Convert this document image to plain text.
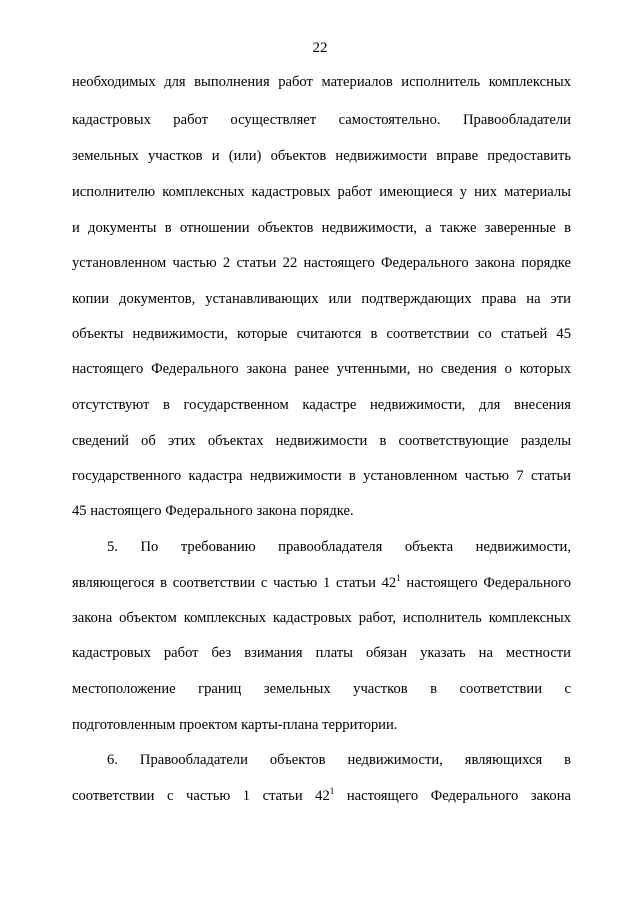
22
необходимых для выполнения работ материалов исполнитель комплексных
кадастровых работ осуществляет самостоятельно. Правообладатели
земельных участков и (или) объектов недвижимости вправе предоставить
исполнителю комплексных кадастровых работ имеющиеся у них материалы
и документы в отношении объектов недвижимости, а также заверенные в
установленном частью 2 статьи 22 настоящего Федерального закона порядке
копии документов, устанавливающих или подтверждающих права на эти
объекты недвижимости, которые считаются в соответствии со статьей 45
настоящего Федерального закона ранее учтенными, но сведения о которых
отсутствуют в государственном кадастре недвижимости, для внесения
сведений об этих объектах недвижимости в соответствующие разделы
государственного кадастра недвижимости в установленном частью 7 статьи
45 настоящего Федерального закона порядке.
5. По требованию правообладателя объекта недвижимости,
являющегося в соответствии с частью 1 статьи $42^1$ настоящего Федерального
закона объектом комплексных кадастровых работ, исполнитель комплексных
кадастровых работ без взимания платы обязан указать на местности
местоположение границ земельных участков в соответствии с
подготовленным проектом карты-плана территории.
6. Правообладатели объектов недвижимости, являющихся в
соответствии с частью 1 статьи $42^1$ настоящего Федерального закона
